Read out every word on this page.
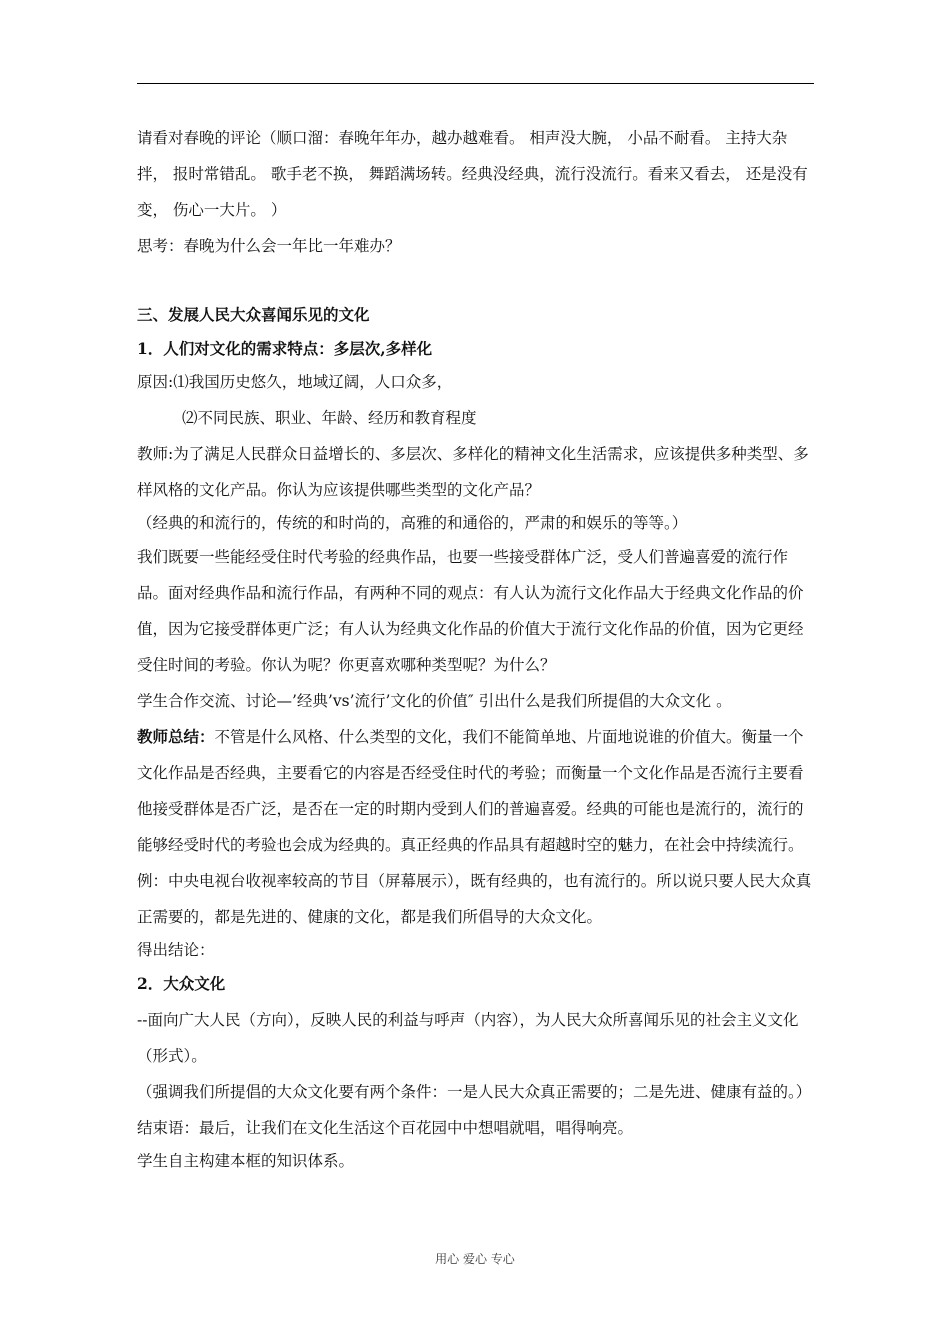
请看对春晚的评论（顺口溜：春晚年年办，越办越难看。 相声没大腕， 小品不耐看。 主持大杂拌， 报时常错乱。 歌手老不换， 舞蹈满场转。经典没经典，流行没流行。看来又看去， 还是没有变， 伤心一大片。 ）

思考：春晚为什么会一年比一年难办？

三、发展人民大众喜闻乐见的文化

1．人们对文化的需求特点：多层次,多样化

原因:⑴我国历史悠久，地域辽阔，人口众多，

⑵不同民族、职业、年龄、经历和教育程度

教师:为了满足人民群众日益增长的、多层次、多样化的精神文化生活需求，应该提供多种类型、多样风格的文化产品。你认为应该提供哪些类型的文化产品？

（经典的和流行的，传统的和时尚的，高雅的和通俗的，严肃的和娱乐的等等。）

我们既要一些能经受住时代考验的经典作品，也要一些接受群体广泛，受人们普遍喜爱的流行作品。面对经典作品和流行作品，有两种不同的观点：有人认为流行文化作品大于经典文化作品的价值，因为它接受群体更广泛；有人认为经典文化作品的价值大于流行文化作品的价值，因为它更经受住时间的考验。你认为呢？你更喜欢哪种类型呢？为什么？

学生合作交流、讨论—’经典’vs’流行’文化的价值″ 引出什么是我们所提倡的大众文化 。

教师总结：不管是什么风格、什么类型的文化，我们不能简单地、片面地说谁的价值大。衡量一个文化作品是否经典，主要看它的内容是否经受住时代的考验；而衡量一个文化作品是否流行主要看他接受群体是否广泛，是否在一定的时期内受到人们的普遍喜爱。经典的可能也是流行的，流行的能够经受时代的考验也会成为经典的。真正经典的作品具有超越时空的魅力，在社会中持续流行。例：中央电视台收视率较高的节目（屏幕展示），既有经典的，也有流行的。所以说只要人民大众真正需要的，都是先进的、健康的文化，都是我们所倡导的大众文化。

得出结论：

2．大众文化

--面向广大人民（方向），反映人民的利益与呼声（内容），为人民大众所喜闻乐见的社会主义文化（形式）。

（强调我们所提倡的大众文化要有两个条件：一是人民大众真正需要的；二是先进、健康有益的。）

结束语：最后，让我们在文化生活这个百花园中中想唱就唱，唱得响亮。

学生自主构建本框的知识体系。

用心 爱心 专心
